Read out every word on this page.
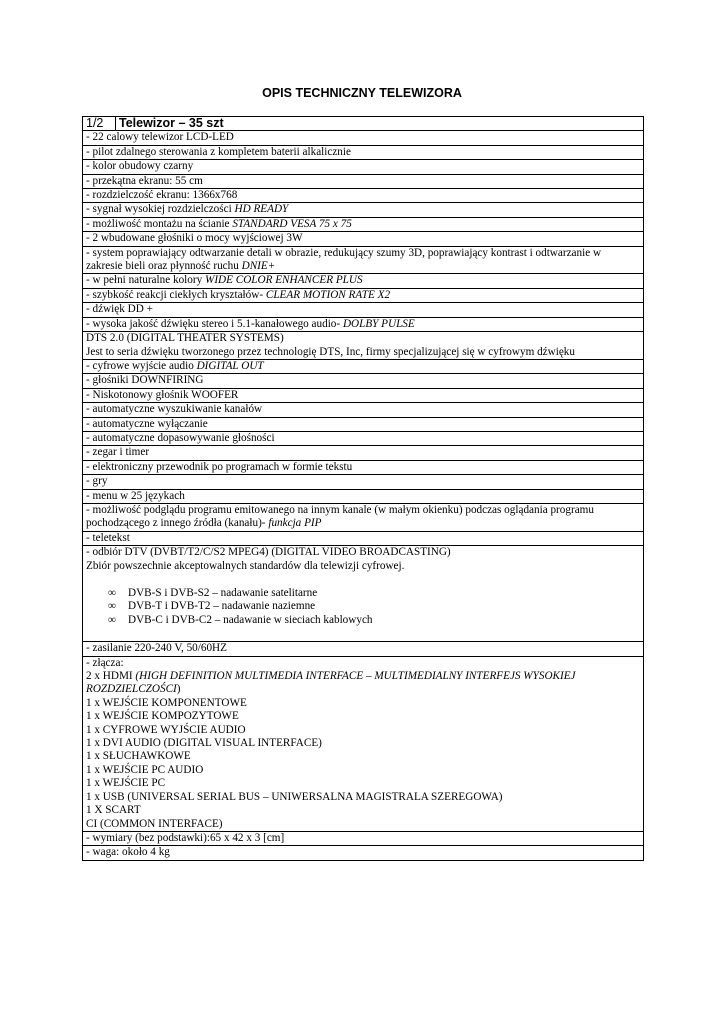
OPIS TECHNICZNY TELEWIZORA
1/2	Telewizor – 35 szt
- 22 calowy telewizor LCD-LED
- pilot zdalnego sterowania z kompletem baterii alkalicznie
- kolor obudowy czarny
- przekątna ekranu: 55 cm
- rozdzielczość ekranu: 1366x768
- sygnał wysokiej rozdzielczości HD READY
- możliwość montażu na ścianie STANDARD VESA 75 x 75
- 2 wbudowane głośniki o mocy wyjściowej 3W
- system poprawiający odtwarzanie detali w obrazie, redukujący szumy 3D, poprawiający kontrast i odtwarzanie w zakresie bieli oraz płynność ruchu DNIE+
- w pełni naturalne kolory WIDE COLOR ENHANCER PLUS
- szybkość reakcji ciekłych kryształów- CLEAR MOTION RATE X2
- dźwięk DD +
- wysoka jakość dźwięku stereo i 5.1-kanałowego audio- DOLBY PULSE

DTS 2.0 (DIGITAL THEATER SYSTEMS)
Jest to seria dźwięku tworzonego przez technologię DTS, Inc, firmy specjalizującej się w cyfrowym dźwięku

- cyfrowe wyjście audio DIGITAL OUT
- głośniki DOWNFIRING
- Niskotonowy głośnik WOOFER
- automatyczne wyszukiwanie kanałów
- automatyczne wyłączanie
- automatyczne dopasowywanie głośności
- zegar i timer
- elektroniczny przewodnik po programach w formie tekstu
- gry
- menu w 25 językach
- możliwość podglądu programu emitowanego na innym kanale (w małym okienku) podczas oglądania programu pochodzącego z innego źródła (kanału)- funkcja PIP
- teletekst

- odbiór DTV (DVBT/T2/C/S2 MPEG4) (DIGITAL VIDEO BROADCASTING)
Zbiór powszechnie akceptowalnych standardów dla telewizji cyfrowej.
∞ DVB-S i DVB-S2 – nadawanie satelitarne
∞ DVB-T i DVB-T2 – nadawanie naziemne
∞ DVB-C i DVB-C2 – nadawanie w sieciach kablowych

- zasilanie 220-240 V, 50/60HZ

- złącza:
2 x HDMI (HIGH DEFINITION MULTIMEDIA INTERFACE – MULTIMEDIALNY INTERFEJS WYSOKIEJ ROZDZIELCZOŚCI)
1 x WEJŚCIE KOMPONENTOWE
1 x WEJŚCIE KOMPOZYTOWE
1 x CYFROWE WYJŚCIE AUDIO
1 x DVI AUDIO (DIGITAL VISUAL INTERFACE)
1 x SŁUCHAWKOWE
1 x WEJŚCIE PC AUDIO
1 x WEJŚCIE PC
1 x USB (UNIVERSAL SERIAL BUS – UNIWERSALNA MAGISTRALA SZEREGOWA)
1 X SCART
CI (COMMON INTERFACE)

- wymiary (bez podstawki):65 x 42 x 3 [cm]
- waga: około 4 kg
